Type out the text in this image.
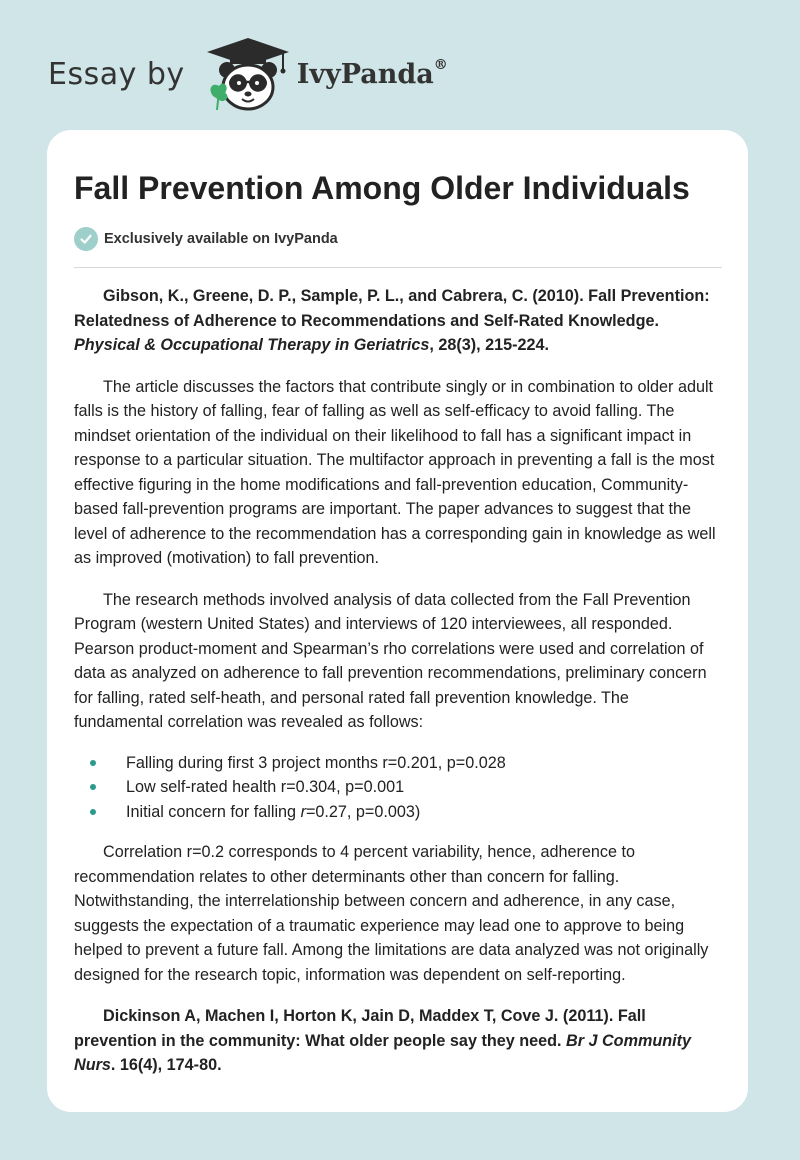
Essay by	IvyPanda®
Fall Prevention Among Older Individuals
Exclusively available on IvyPanda

Gibson, K., Greene, D. P., Sample, P. L., and Cabrera, C. (2010). Fall Prevention: Relatedness of Adherence to Recommendations and Self-Rated Knowledge. Physical & Occupational Therapy in Geriatrics, 28(3), 215-224.

The article discusses the factors that contribute singly or in combination to older adult falls is the history of falling, fear of falling as well as self-efficacy to avoid falling. The mindset orientation of the individual on their likelihood to fall has a significant impact in response to a particular situation. The multifactor approach in preventing a fall is the most effective figuring in the home modifications and fall-prevention education, Community-based fall-prevention programs are important. The paper advances to suggest that the level of adherence to the recommendation has a corresponding gain in knowledge as well as improved (motivation) to fall prevention.

The research methods involved analysis of data collected from the Fall Prevention Program (western United States) and interviews of 120 interviewees, all responded. Pearson product-moment and Spearman’s rho correlations were used and correlation of data as analyzed on adherence to fall prevention recommendations, preliminary concern for falling, rated self-heath, and personal rated fall prevention knowledge. The fundamental correlation was revealed as follows:

Falling during first 3 project months r=0.201, p=0.028
Low self-rated health r=0.304, p=0.001
Initial concern for falling r=0.27, p=0.003)

Correlation r=0.2 corresponds to 4 percent variability, hence, adherence to recommendation relates to other determinants other than concern for falling. Notwithstanding, the interrelationship between concern and adherence, in any case, suggests the expectation of a traumatic experience may lead one to approve to being helped to prevent a future fall. Among the limitations are data analyzed was not originally designed for the research topic, information was dependent on self-reporting.

Dickinson A, Machen I, Horton K, Jain D, Maddex T, Cove J. (2011). Fall prevention in the community: What older people say they need. Br J Community Nurs. 16(4), 174-80.
